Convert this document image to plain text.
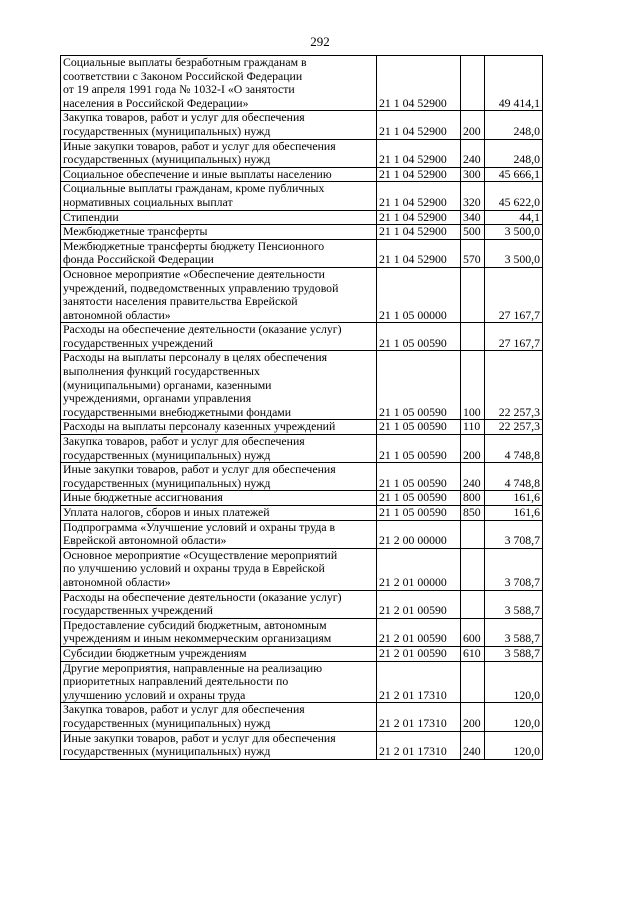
292
Социальные выплаты безработным гражданам в
соответствии с Законом Российской Федерации
от 19 апреля 1991 года № 1032-I «О занятости
населения в Российской Федерации»	21 1 04 52900		49 414,1

Закупка товаров, работ и услуг для обеспечения
государственных (муниципальных) нужд	21 1 04 52900	200	248,0

Иные закупки товаров, работ и услуг для обеспечения
государственных (муниципальных) нужд	21 1 04 52900	240	248,0

Социальное обеспечение и иные выплаты населению	21 1 04 52900	300	45 666,1

Социальные выплаты гражданам, кроме публичных
нормативных социальных выплат	21 1 04 52900	320	45 622,0

Стипендии	21 1 04 52900	340	44,1

Межбюджетные трансферты	21 1 04 52900	500	3 500,0

Межбюджетные трансферты бюджету Пенсионного
фонда Российской Федерации	21 1 04 52900	570	3 500,0

Основное мероприятие «Обеспечение деятельности
учреждений, подведомственных управлению трудовой
занятости населения правительства Еврейской
автономной области»	21 1 05 00000		27 167,7

Расходы на обеспечение деятельности (оказание услуг)
государственных учреждений	21 1 05 00590		27 167,7

Расходы на выплаты персоналу в целях обеспечения
выполнения функций государственных
(муниципальными) органами, казенными
учреждениями, органами управления
государственными внебюджетными фондами	21 1 05 00590	100	22 257,3

Расходы на выплаты персоналу казенных учреждений	21 1 05 00590	110	22 257,3

Закупка товаров, работ и услуг для обеспечения
государственных (муниципальных) нужд	21 1 05 00590	200	4 748,8

Иные закупки товаров, работ и услуг для обеспечения
государственных (муниципальных) нужд	21 1 05 00590	240	4 748,8

Иные бюджетные ассигнования	21 1 05 00590	800	161,6

Уплата налогов, сборов и иных платежей	21 1 05 00590	850	161,6

Подпрограмма «Улучшение условий и охраны труда в
Еврейской автономной области»	21 2 00 00000		3 708,7

Основное мероприятие «Осуществление мероприятий
по улучшению условий и охраны труда в Еврейской
автономной области»	21 2 01 00000		3 708,7

Расходы на обеспечение деятельности (оказание услуг)
государственных учреждений	21 2 01 00590		3 588,7

Предоставление субсидий бюджетным, автономным
учреждениям и иным некоммерческим организациям	21 2 01 00590	600	3 588,7

Субсидии бюджетным учреждениям	21 2 01 00590	610	3 588,7

Другие мероприятия, направленные на реализацию
приоритетных направлений деятельности по
улучшению условий и охраны труда	21 2 01 17310		120,0

Закупка товаров, работ и услуг для обеспечения
государственных (муниципальных) нужд	21 2 01 17310	200	120,0

Иные закупки товаров, работ и услуг для обеспечения
государственных (муниципальных) нужд	21 2 01 17310	240	120,0
